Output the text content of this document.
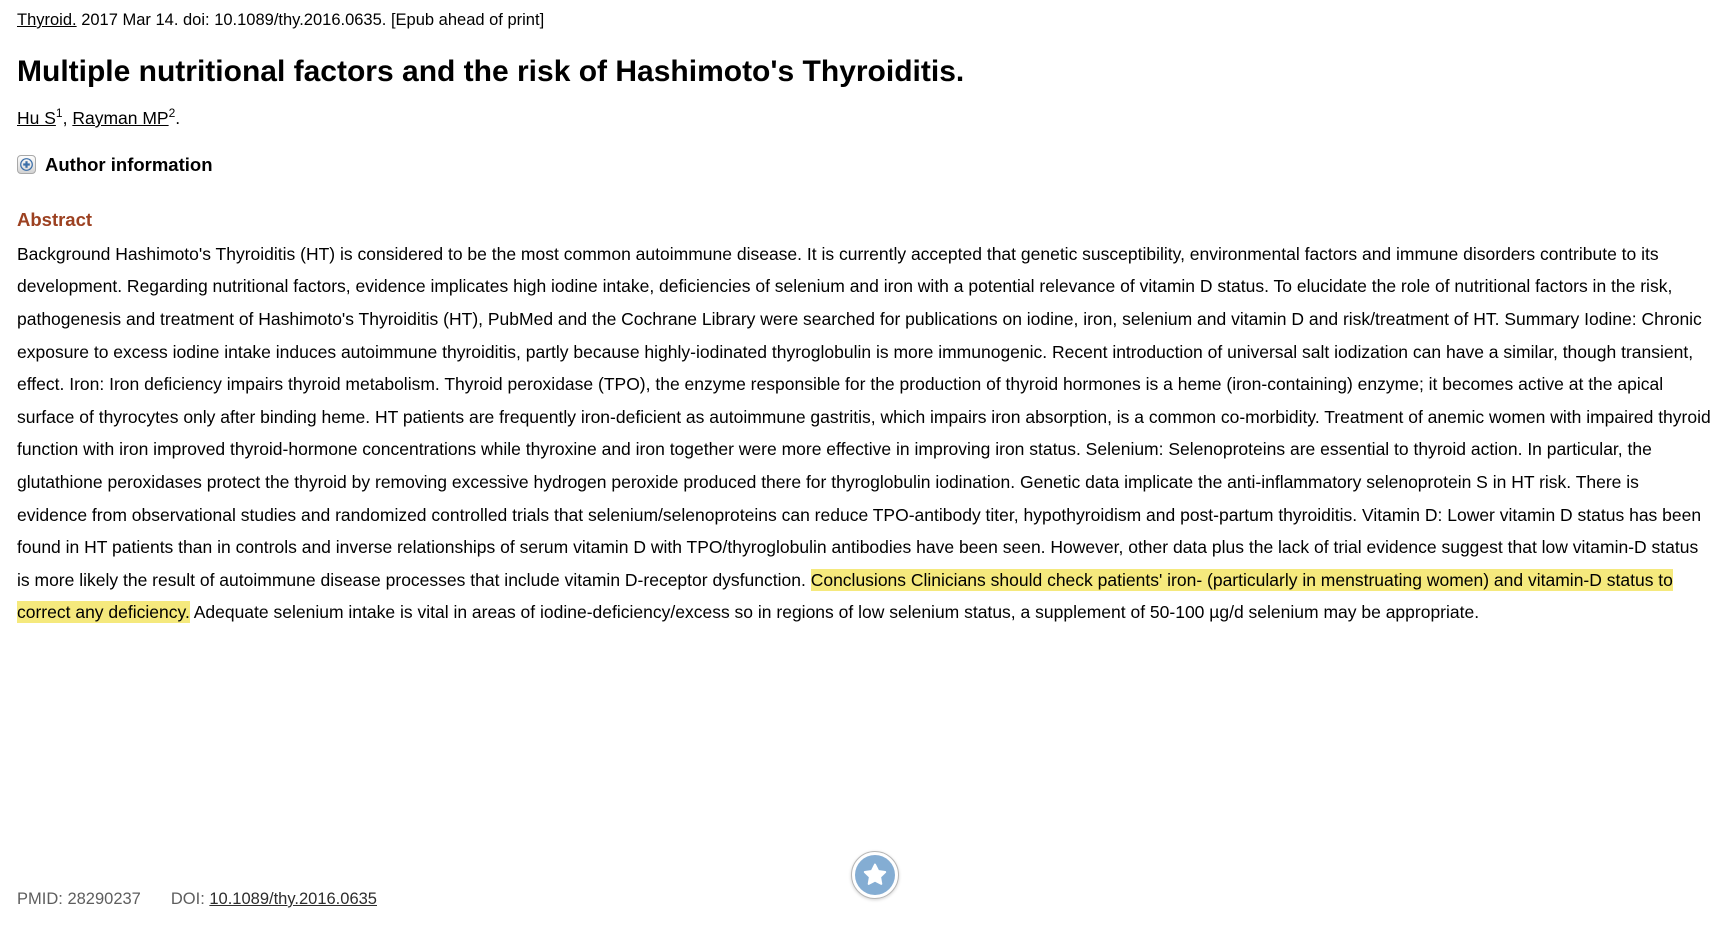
Thyroid. 2017 Mar 14. doi: 10.1089/thy.2016.0635. [Epub ahead of print]
Multiple nutritional factors and the risk of Hashimoto's Thyroiditis.
Hu $S^1$, Rayman $MP^2$.
Author information
Abstract

Background Hashimoto's Thyroiditis (HT) is considered to be the most common autoimmune disease. It is currently accepted that genetic susceptibility, environmental factors and immune disorders contribute to its development. Regarding nutritional factors, evidence implicates high iodine intake, deficiencies of selenium and iron with a potential relevance of vitamin D status. To elucidate the role of nutritional factors in the risk, pathogenesis and treatment of Hashimoto's Thyroiditis (HT), PubMed and the Cochrane Library were searched for publications on iodine, iron, selenium and vitamin D and risk/treatment of HT. Summary Iodine: Chronic exposure to excess iodine intake induces autoimmune thyroiditis, partly because highly-iodinated thyroglobulin is more immunogenic. Recent introduction of universal salt iodization can have a similar, though transient, effect. Iron: Iron deficiency impairs thyroid metabolism. Thyroid peroxidase (TPO), the enzyme responsible for the production of thyroid hormones is a heme (iron-containing) enzyme; it becomes active at the apical surface of thyrocytes only after binding heme. HT patients are frequently iron-deficient as autoimmune gastritis, which impairs iron absorption, is a common co-morbidity. Treatment of anemic women with impaired thyroid function with iron improved thyroid-hormone concentrations while thyroxine and iron together were more effective in improving iron status. Selenium: Selenoproteins are essential to thyroid action. In particular, the glutathione peroxidases protect the thyroid by removing excessive hydrogen peroxide produced there for thyroglobulin iodination. Genetic data implicate the anti-inflammatory selenoprotein S in HT risk. There is evidence from observational studies and randomized controlled trials that selenium/selenoproteins can reduce TPO-antibody titer, hypothyroidism and post-partum thyroiditis. Vitamin D: Lower vitamin D status has been found in HT patients than in controls and inverse relationships of serum vitamin D with TPO/thyroglobulin antibodies have been seen. However, other data plus the lack of trial evidence suggest that low vitamin-D status is more likely the result of autoimmune disease processes that include vitamin D-receptor dysfunction. Conclusions Clinicians should check patients' iron- (particularly in menstruating women) and vitamin-D status to correct any deficiency. Adequate selenium intake is vital in areas of iodine-deficiency/excess so in regions of low selenium status, a supplement of 50-100 µg/d selenium may be appropriate.

PMID: 28290237 DOI: 10.1089/thy.2016.0635
